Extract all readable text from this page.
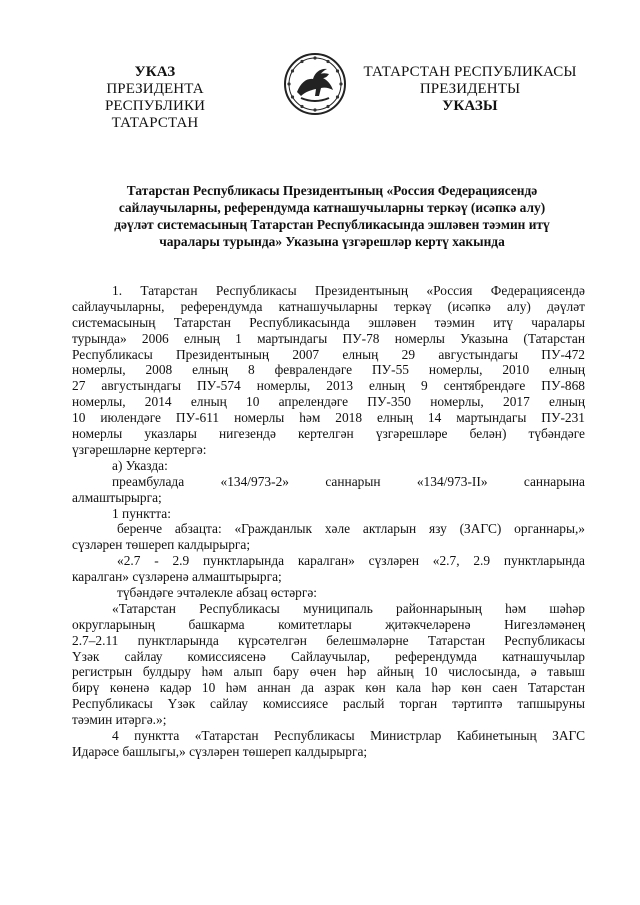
УКАЗ
ПРЕЗИДЕНТА
РЕСПУБЛИКИ ТАТАРСТАН
ТАТАРСТАН РЕСПУБЛИКАСЫ
ПРЕЗИДЕНТЫ
УКАЗЫ
Татарстан Республикасы Президентының «Россия Федерациясендә
сайлаучыларны, референдумда катнашучыларны теркәү (исәпкә алу)
дәүләт системасының Татарстан Республикасында эшләвен тәэмин итү
чаралары турында» Указына үзгәрешләр кертү хакында
1. Татарстан Республикасы Президентының «Россия Федерациясендә
сайлаучыларны, референдумда катнашучыларны теркәү (исәпкә алу) дәүләт
системасының Татарстан Республикасында эшләвен тәэмин итү чаралары
турында» 2006 елның 1 мартындагы ПУ-78 номерлы Указына (Татарстан
Республикасы Президентының 2007 елның 29 августындагы ПУ-472
номерлы, 2008 елның 8 февралендәге ПУ-55 номерлы, 2010 елның
27 августындагы ПУ-574 номерлы, 2013 елның 9 сентябрендәге ПУ-868
номерлы, 2014 елның 10 апрелендәге ПУ-350 номерлы, 2017 елның
10 июлендәге ПУ-611 номерлы һәм 2018 елның 14 мартындагы ПУ-231
номерлы указлары нигезендә кертелгән үзгәрешләре белән) түбәндәге
үзгәрешләрне кертергә:
а) Указда:
преамбулада «134/973-2» саннарын «134/973-II» саннарына
алмаштырырга;
1 пунктта:
беренче абзацта: «Гражданлык хәле актларын язу (ЗАГС) органнары,»
сүзләрен төшереп калдырырга;
«2.7 - 2.9 пунктларында каралган» сүзләрен «2.7, 2.9 пунктларында
каралган» сүзләренә алмаштырырга;
түбәндәге эчтәлекле абзац өстәргә:
«Татарстан Республикасы муниципаль районнарының һәм шәһәр
округларының башкарма комитетлары җитәкчеләренә Нигезләмәнең
2.7–2.11 пунктларында күрсәтелгән белешмәләрне Татарстан Республикасы
Үзәк сайлау комиссиясенә Сайлаучылар, референдумда катнашучылар
регистрын булдыру һәм алып бару өчен һәр айның 10 числосында, ә тавыш
бирү көненә кадәр 10 һәм аннан да азрак көн кала һәр көн саен Татарстан
Республикасы Үзәк сайлау комиссиясе раслый торган тәртиптә тапшыруны
тәэмин итәргә.»;
4 пунктта «Татарстан Республикасы Министрлар Кабинетының ЗАГС
Идарәсе башлыгы,» сүзләрен төшереп калдырырга;
